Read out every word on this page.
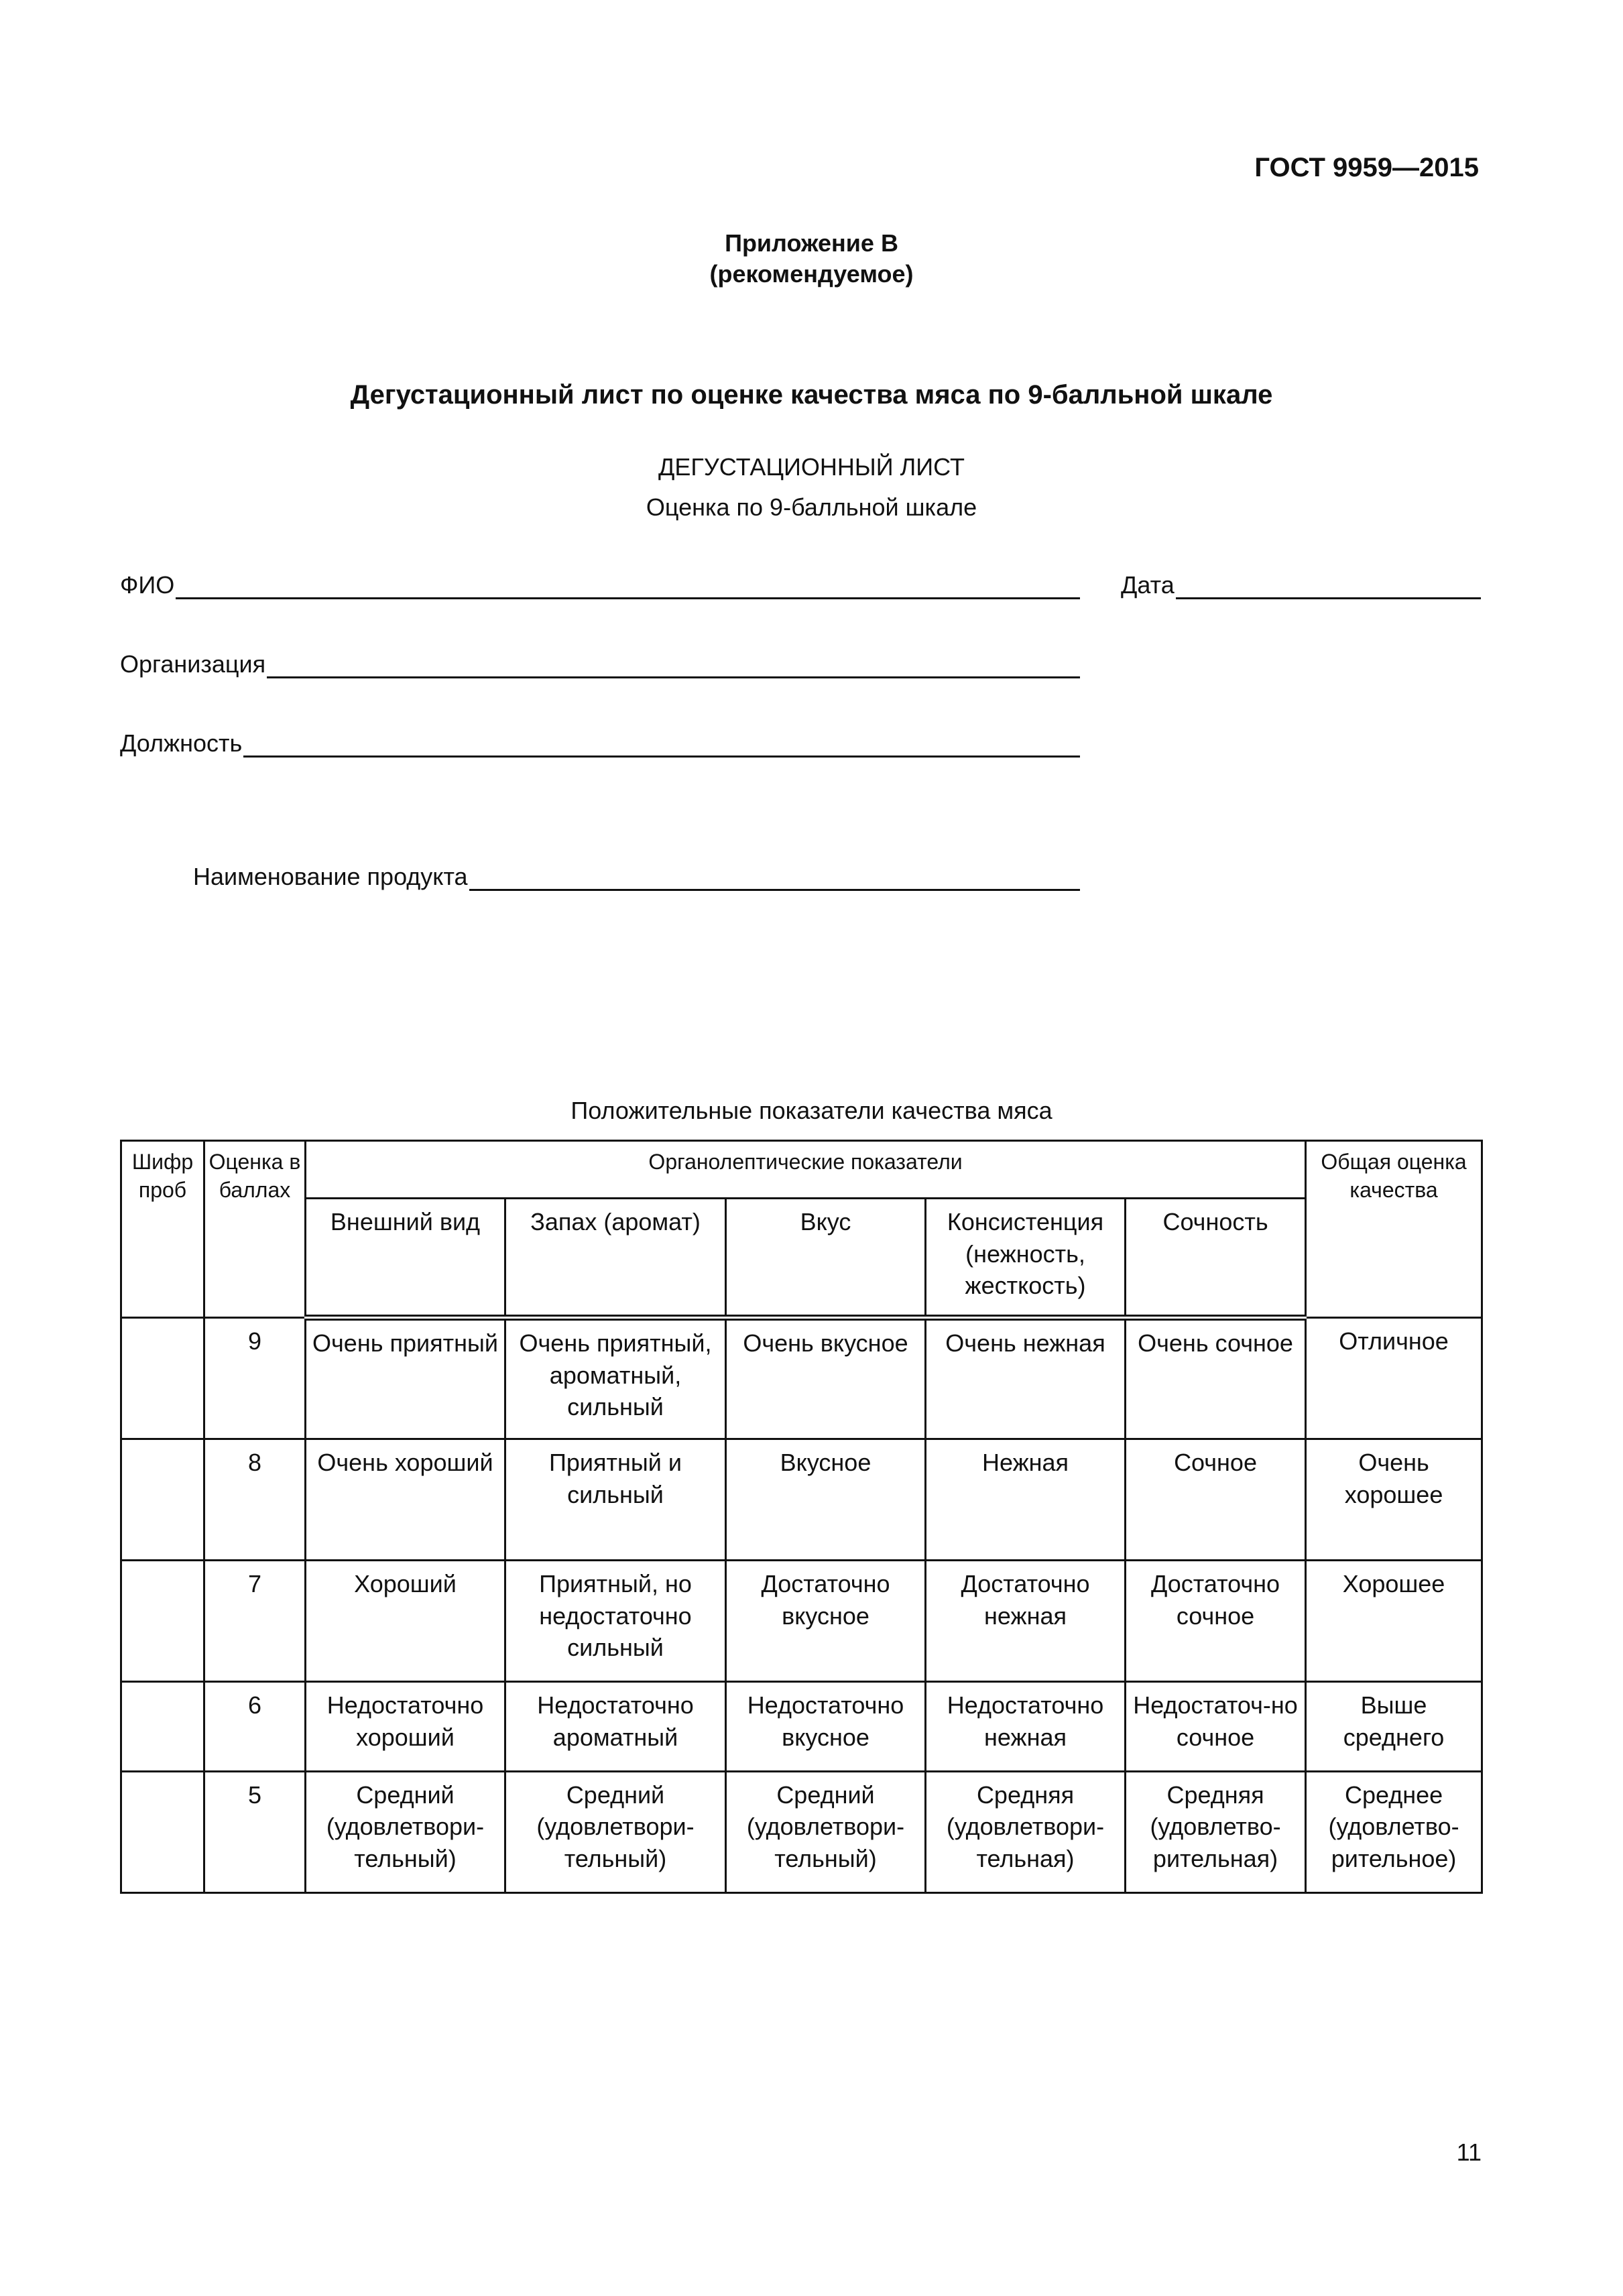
ГОСТ 9959—2015
Приложение В
(рекомендуемое)
Дегустационный лист по оценке качества мяса по 9-балльной шкале
ДЕГУСТАЦИОННЫЙ ЛИСТ
Оценка по 9-балльной шкале
ФИО	Дата
Организация
Должность
Наименование продукта
Положительные показатели качества мяса
Шифр проб	Оценка в баллах	Органолептические показатели					Общая оценка качества
		Внешний вид	Запах (аромат)	Вкус	Консистенция (нежность, жесткость)	Сочность	
	9	Очень приятный	Очень приятный, ароматный, сильный	Очень вкусное	Очень нежная	Очень сочное	Отличное
	8	Очень хороший	Приятный и сильный	Вкусное	Нежная	Сочное	Очень хорошее
	7	Хороший	Приятный, но недостаточно сильный	Достаточно вкусное	Достаточно нежная	Достаточно сочное	Хорошее
	6	Недостаточно хороший	Недостаточно ароматный	Недостаточно вкусное	Недостаточно нежная	Недостаточ-но сочное	Выше среднего
	5	Средний (удовлетвори-тельный)	Средний (удовлетвори-тельный)	Средний (удовлетвори-тельный)	Средняя (удовлетвори-тельная)	Средняя (удовлетво-рительная)	Среднее (удовлетво-рительное)
11
